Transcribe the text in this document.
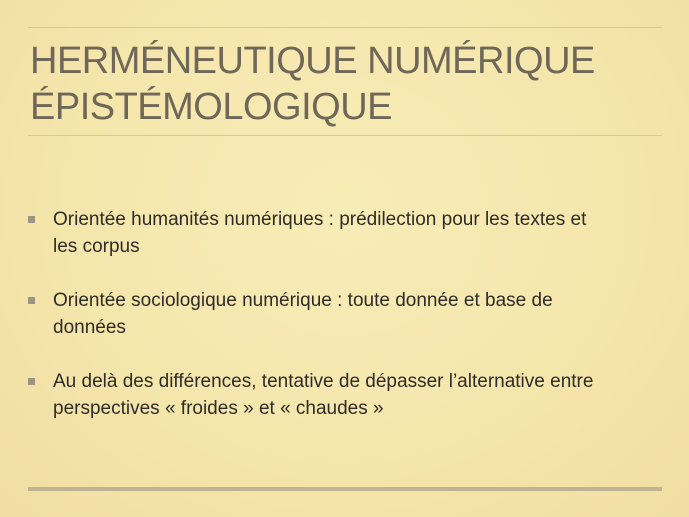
HERMÉNEUTIQUE NUMÉRIQUE
ÉPISTÉMOLOGIQUE
Orientée humanités numériques : prédilection pour les textes et
les corpus
Orientée sociologique numérique : toute donnée et base de
données
Au delà des différences, tentative de dépasser l’alternative entre
perspectives « froides » et « chaudes »
